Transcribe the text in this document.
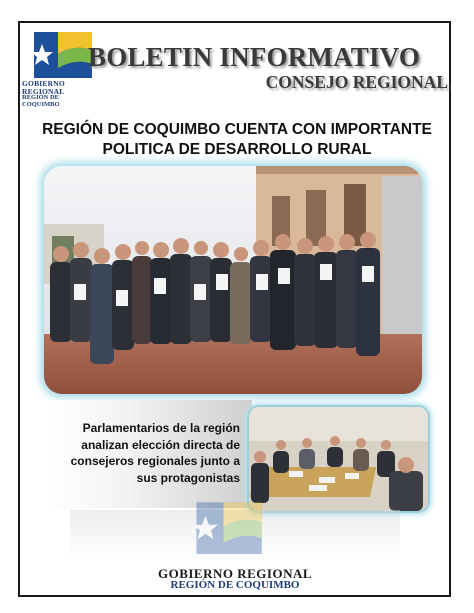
GOBIERNO REGIONAL
REGIÓN DE COQUIMBO
BOLETIN INFORMATIVO
CONSEJO REGIONAL
REGIÓN DE COQUIMBO CUENTA CON IMPORTANTE
POLITICA DE DESARROLLO RURAL
Parlamentarios de la región
analizan elección directa de
consejeros regionales junto a
sus protagonistas
GOBIERNO REGIONAL
REGIÓN DE COQUIMBO
